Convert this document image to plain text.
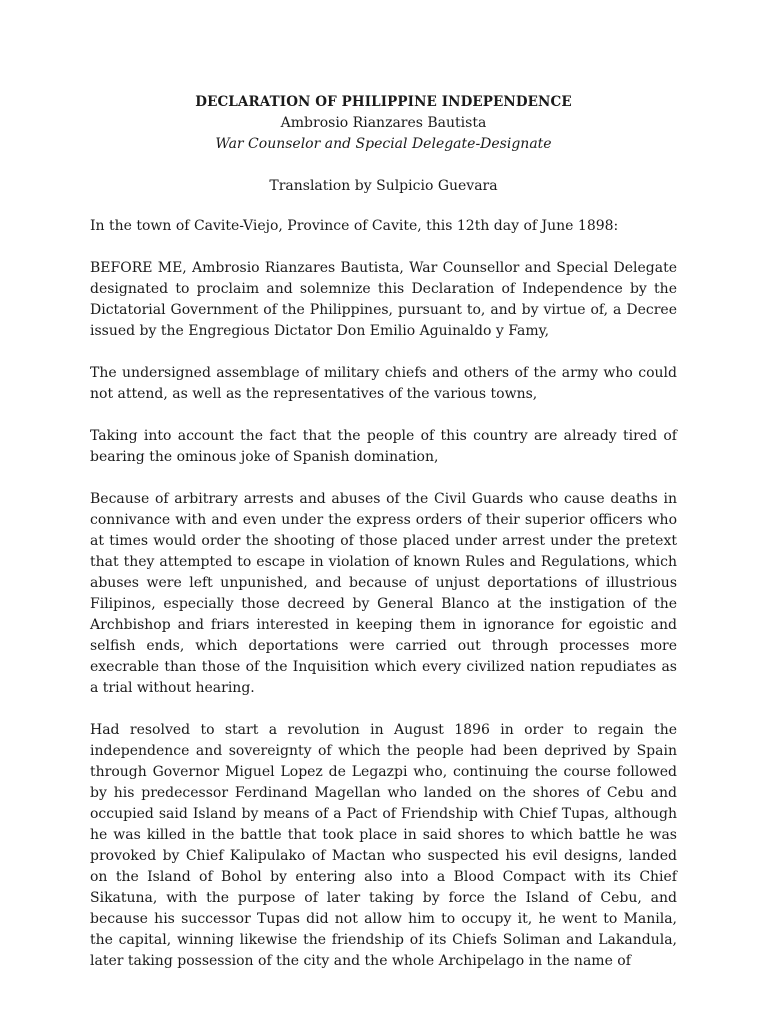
DECLARATION OF PHILIPPINE INDEPENDENCE
Ambrosio Rianzares Bautista
War Counselor and Special Delegate-Designate
Translation by Sulpicio Guevara

In the town of Cavite-Viejo, Province of Cavite, this 12th day of June 1898:

BEFORE ME, Ambrosio Rianzares Bautista, War Counsellor and Special Delegate designated to proclaim and solemnize this Declaration of Independence by the Dictatorial Government of the Philippines, pursuant to, and by virtue of, a Decree issued by the Engregious Dictator Don Emilio Aguinaldo y Famy,

The undersigned assemblage of military chiefs and others of the army who could not attend, as well as the representatives of the various towns,

Taking into account the fact that the people of this country are already tired of bearing the ominous joke of Spanish domination,

Because of arbitrary arrests and abuses of the Civil Guards who cause deaths in connivance with and even under the express orders of their superior officers who at times would order the shooting of those placed under arrest under the pretext that they attempted to escape in violation of known Rules and Regulations, which abuses were left unpunished, and because of unjust deportations of illustrious Filipinos, especially those decreed by General Blanco at the instigation of the Archbishop and friars interested in keeping them in ignorance for egoistic and selfish ends, which deportations were carried out through processes more execrable than those of the Inquisition which every civilized nation repudiates as a trial without hearing.

Had resolved to start a revolution in August 1896 in order to regain the independence and sovereignty of which the people had been deprived by Spain through Governor Miguel Lopez de Legazpi who, continuing the course followed by his predecessor Ferdinand Magellan who landed on the shores of Cebu and occupied said Island by means of a Pact of Friendship with Chief Tupas, although he was killed in the battle that took place in said shores to which battle he was provoked by Chief Kalipulako of Mactan who suspected his evil designs, landed on the Island of Bohol by entering also into a Blood Compact with its Chief Sikatuna, with the purpose of later taking by force the Island of Cebu, and because his successor Tupas did not allow him to occupy it, he went to Manila, the capital, winning likewise the friendship of its Chiefs Soliman and Lakandula, later taking possession of the city and the whole Archipelago in the name of
